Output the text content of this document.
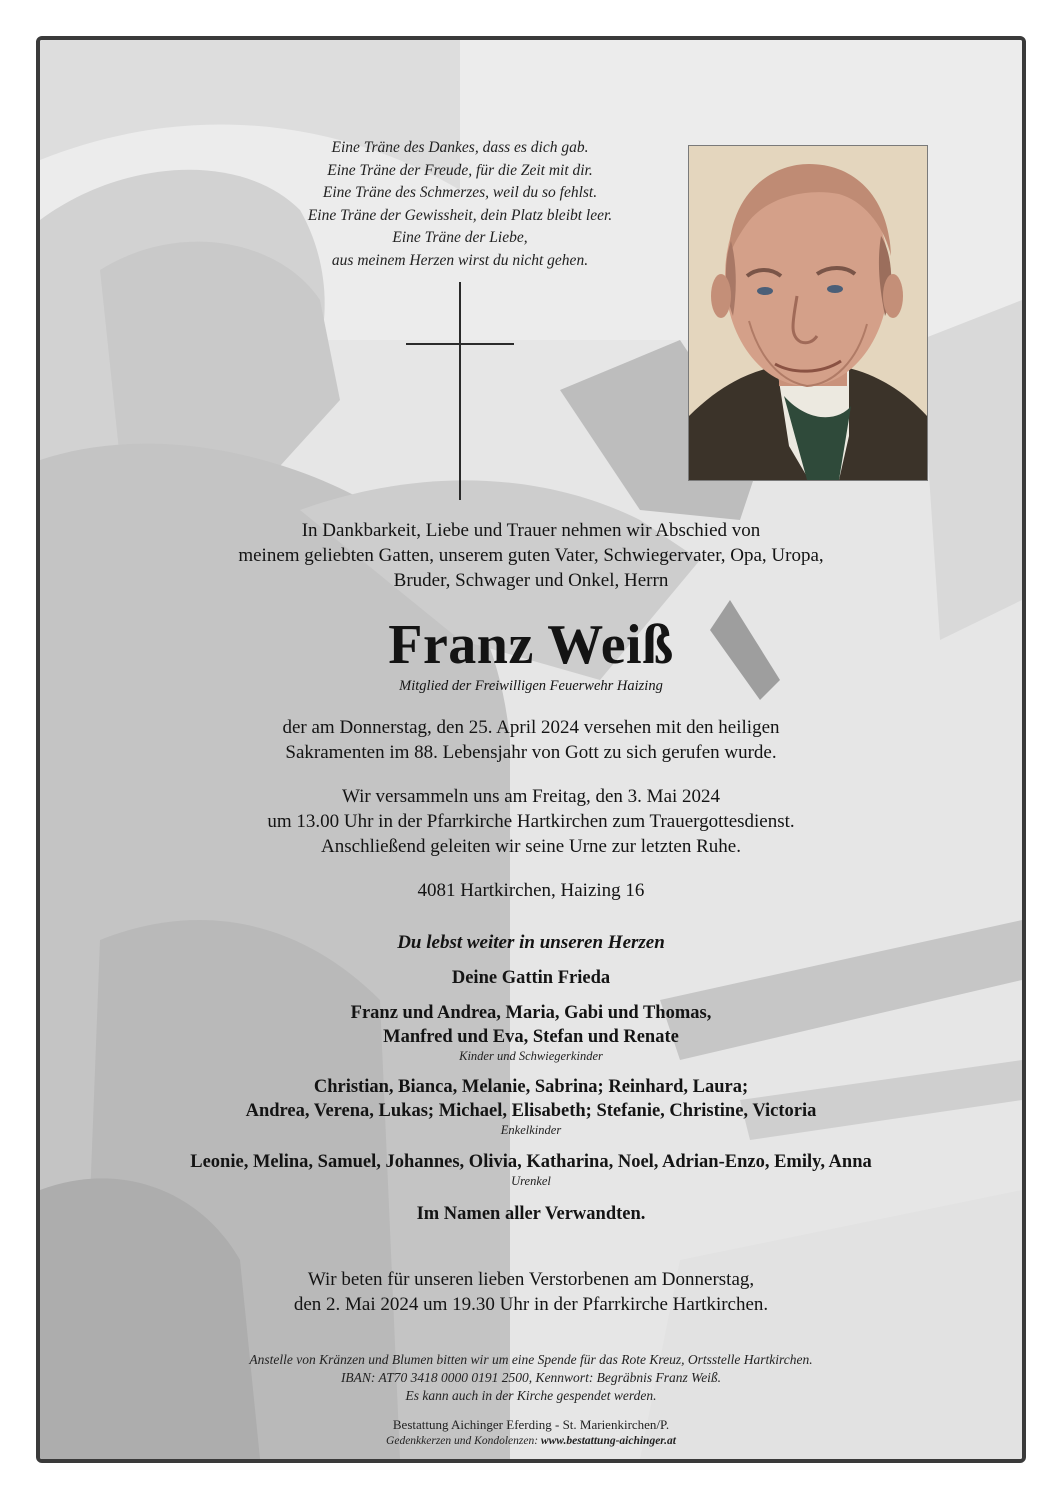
Eine Träne des Dankes, dass es dich gab.
Eine Träne der Freude, für die Zeit mit dir.
Eine Träne des Schmerzes, weil du so fehlst.
Eine Träne der Gewissheit, dein Platz bleibt leer.
Eine Träne der Liebe,
aus meinem Herzen wirst du nicht gehen.
In Dankbarkeit, Liebe und Trauer nehmen wir Abschied von
meinem geliebten Gatten, unserem guten Vater, Schwiegervater, Opa, Uropa,
Bruder, Schwager und Onkel, Herrn
Franz Weiß
Mitglied der Freiwilligen Feuerwehr Haizing
der am Donnerstag, den 25. April 2024 versehen mit den heiligen
Sakramenten im 88. Lebensjahr von Gott zu sich gerufen wurde.
Wir versammeln uns am Freitag, den 3. Mai 2024
um 13.00 Uhr in der Pfarrkirche Hartkirchen zum Trauergottesdienst.
Anschließend geleiten wir seine Urne zur letzten Ruhe.
4081 Hartkirchen, Haizing 16
Du lebst weiter in unseren Herzen
Deine Gattin Frieda
Franz und Andrea, Maria, Gabi und Thomas,
Manfred und Eva, Stefan und Renate
Kinder und Schwiegerkinder
Christian, Bianca, Melanie, Sabrina; Reinhard, Laura;
Andrea, Verena, Lukas; Michael, Elisabeth; Stefanie, Christine, Victoria
Enkelkinder
Leonie, Melina, Samuel, Johannes, Olivia, Katharina, Noel, Adrian-Enzo, Emily, Anna
Urenkel
Im Namen aller Verwandten.
Wir beten für unseren lieben Verstorbenen am Donnerstag,
den 2. Mai 2024 um 19.30 Uhr in der Pfarrkirche Hartkirchen.
Anstelle von Kränzen und Blumen bitten wir um eine Spende für das Rote Kreuz, Ortsstelle Hartkirchen.
IBAN: AT70 3418 0000 0191 2500, Kennwort: Begräbnis Franz Weiß.
Es kann auch in der Kirche gespendet werden.
Bestattung Aichinger Eferding - St. Marienkirchen/P.
Gedenkkerzen und Kondolenzen: www.bestattung-aichinger.at
